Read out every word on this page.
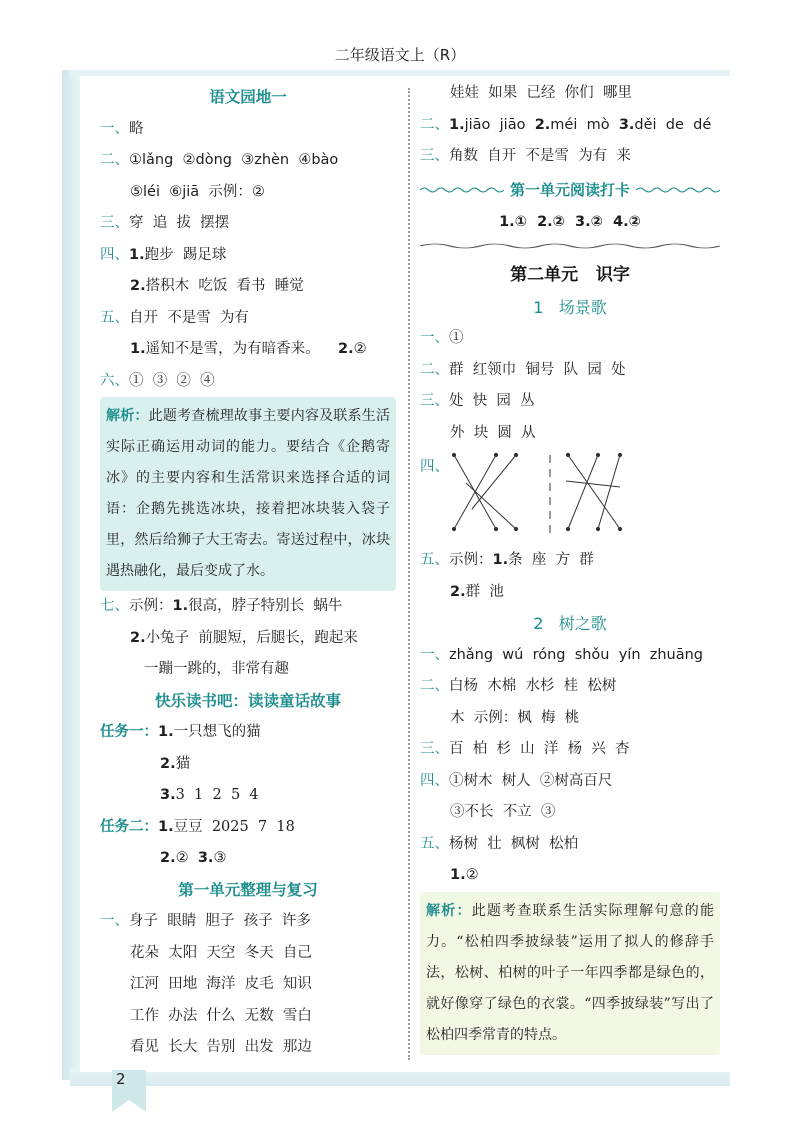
二年级语文上（R）
语文园地一
一、略
二、①lǎng  ②dòng  ③zhèn  ④bào
⑤léi  ⑥jiā  示例：②
三、穿  追  拔  摆摆
四、1.跑步  踢足球
2.搭积木  吃饭  看书  睡觉
五、自开  不是雪  为有
1.遥知不是雪，为有暗香来。 2.②
六、①  ③  ②  ④
解析：此题考查梳理故事主要内容及联系生活实际正确运用动词的能力。要结合《企鹅寄冰》的主要内容和生活常识来选择合适的词语：企鹅先挑选冰块，接着把冰块装入袋子里，然后给狮子大王寄去。寄送过程中，冰块遇热融化，最后变成了水。
七、示例：1.很高，脖子特别长  蜗牛
2.小兔子  前腿短，后腿长，跑起来
一蹦一跳的，非常有趣
快乐读书吧：读读童话故事
任务一：1.一只想飞的猫
2.猫
3.3  1  2  5  4
任务二：1.豆豆  2025  7  18
2.② 3.③
第一单元整理与复习
一、身子  眼睛  胆子  孩子  许多
花朵  太阳  天空  冬天  自己
江河  田地  海洋  皮毛  知识
工作  办法  什么  无数  雪白
看见  长大  告别  出发  那边
娃娃  如果  已经  你们  哪里
二、1.jiāo  jiāo 2.méi  mò 3.děi  de  dé
三、角数  自开  不是雪  为有  来
第一单元阅读打卡
1.①  2.②  3.②  4.②
第二单元   识字
1   场景歌
一、①
二、群  红领巾  铜号  队  园  处
三、处  快  园  丛
外  块  圆  从
四、
五、示例：1.条  座  方  群
2.群  池
2   树之歌
一、zhǎng  wú  róng  shǒu  yín  zhuāng
二、白杨  木棉  水杉  桂  松树
木  示例：枫  梅  桃
三、百  柏  杉  山  洋  杨  兴  杏
四、①树木  树人  ②树高百尺
③不长  不立  ③
五、杨树  壮  枫树  松柏
1.②
解析：此题考查联系生活实际理解句意的能力。“松柏四季披绿装”运用了拟人的修辞手法，松树、柏树的叶子一年四季都是绿色的，就好像穿了绿色的衣裳。“四季披绿装”写出了松柏四季常青的特点。
2
